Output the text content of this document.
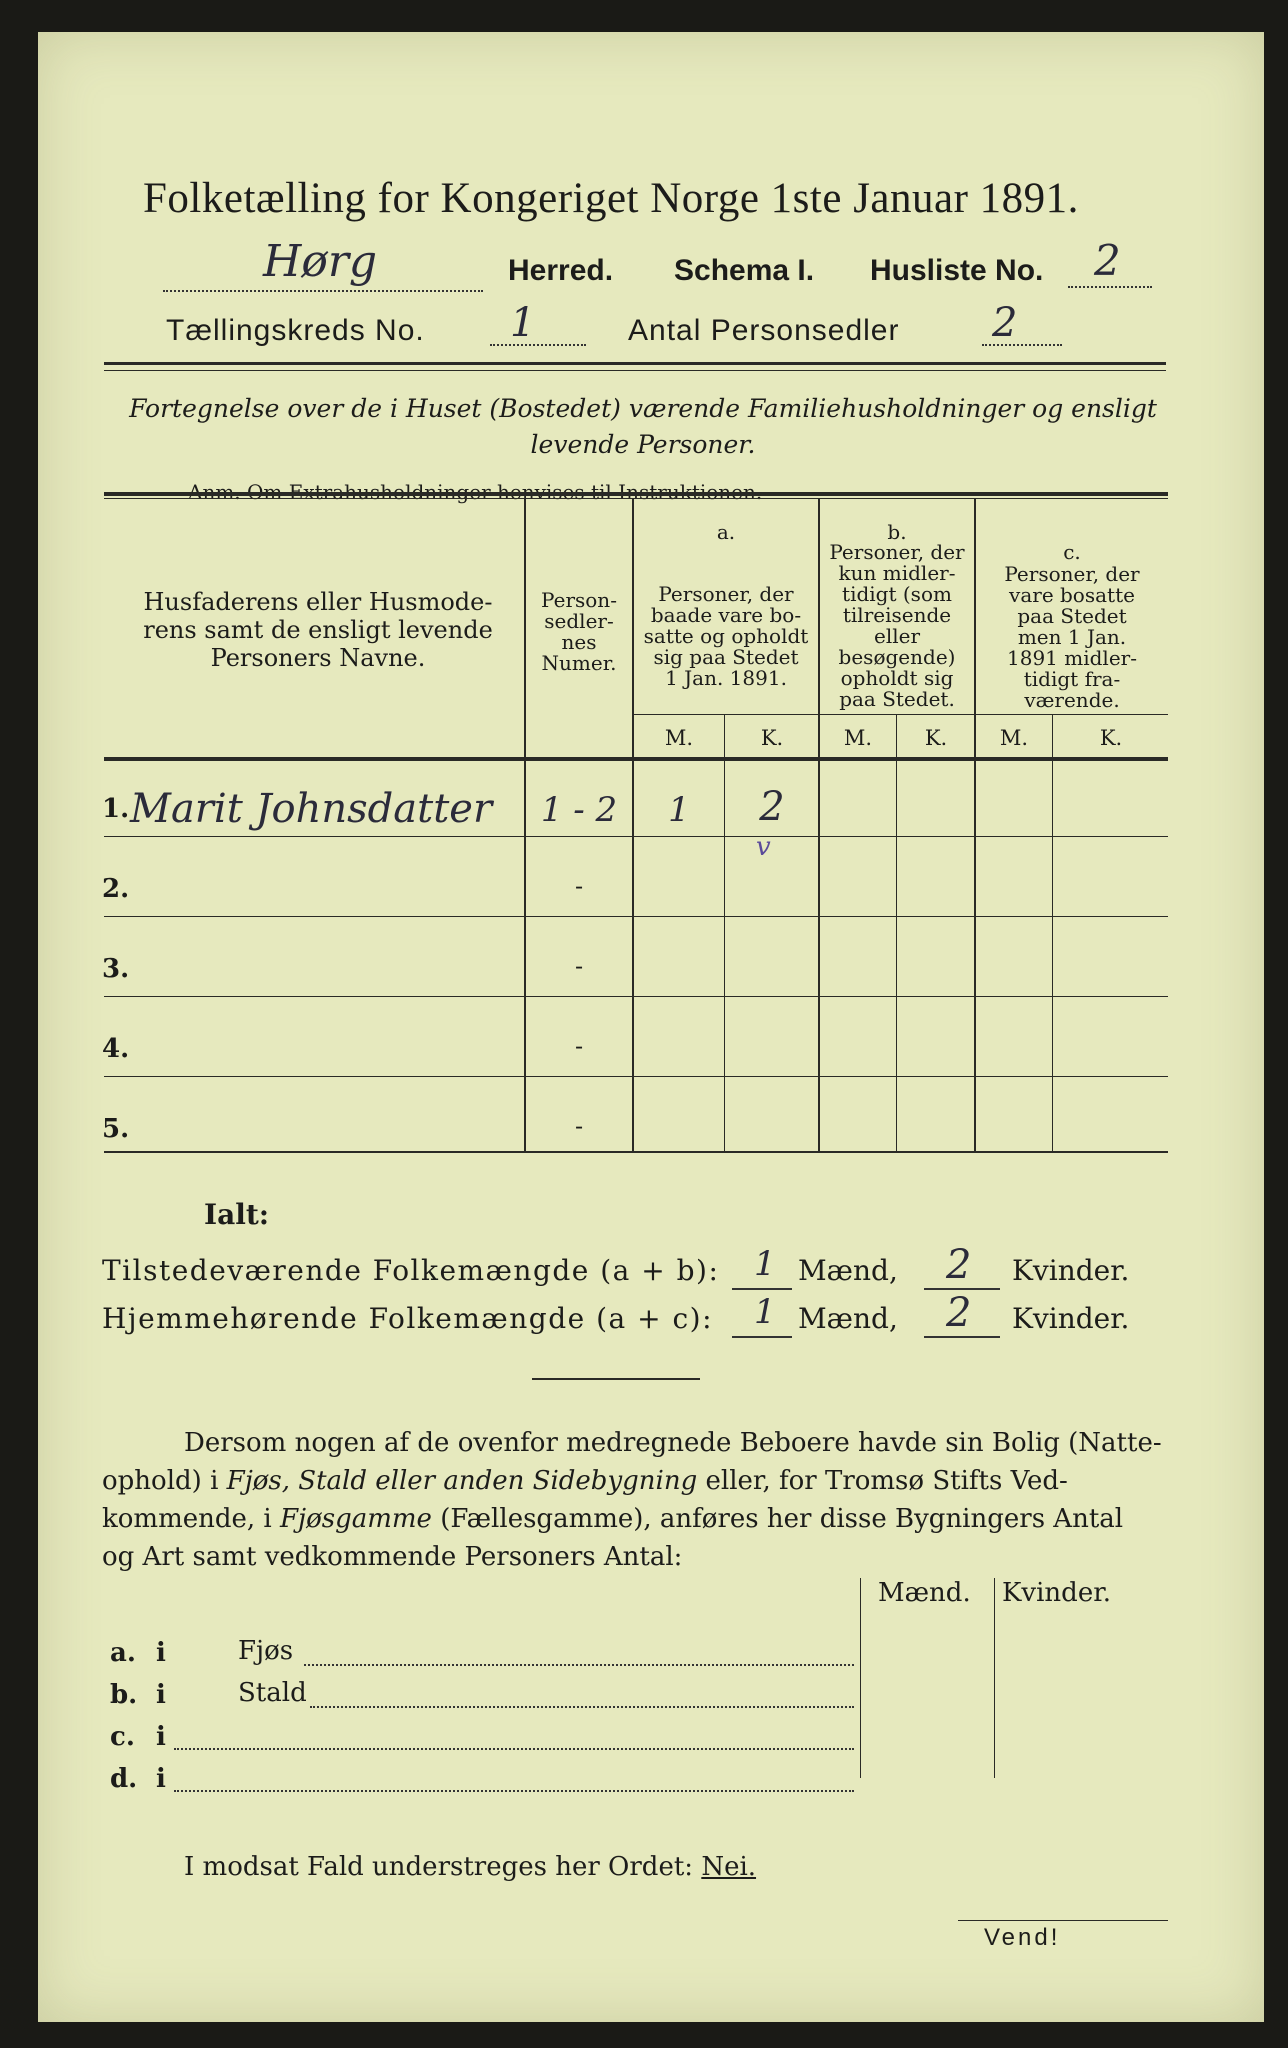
Folketælling for Kongeriget Norge 1ste Januar 1891.
Hørg	Herred. Schema I. Husliste No. 2
Tællingskreds No. 1	Antal Personsedler 2
Fortegnelse over de i Huset (Bostedet) værende Familiehusholdninger og ensligt
levende Personer.
Husfaderens eller Husmode-
rens samt de ensligt levende
Personers Navne.
Person-
sedler-
nes
Numer.
a.
Personer, der
baade vare bo-
satte og opholdt
sig paa Stedet
1 Jan. 1891.
b.
Personer, der
kun midler-
tidigt (som
tilreisende
eller
besøgende)
opholdt sig
paa Stedet.
c.
Personer, der
vare bosatte
paa Stedet
men 1 Jan.
1891 midler-
tidigt fra-
værende.
M.	K.	M.	K.	M.	K.
1. Marit Johnsdatter	1 - 2	1	2
v
2.	-
3.	-
4.	-
5.	-
Ialt:
Tilstedeværende Folkemængde (a + b): 1 Mænd, 2 Kvinder.
Hjemmehørende Folkemængde (a + c): 1 Mænd, 2 Kvinder.
Dersom nogen af de ovenfor medregnede Beboere havde sin Bolig (Natte-
ophold) i Fjøs, Stald eller anden Sidebygning eller, for Tromsø Stifts Ved-
kommende, i Fjøsgamme (Fællesgamme), anføres her disse Bygningers Antal
og Art samt vedkommende Personers Antal:
Mænd. Kvinder.
a. i	Fjøs
b. i	Stald
c. i
d. i
I modsat Fald understreges her Ordet: Nei.
Vend!
